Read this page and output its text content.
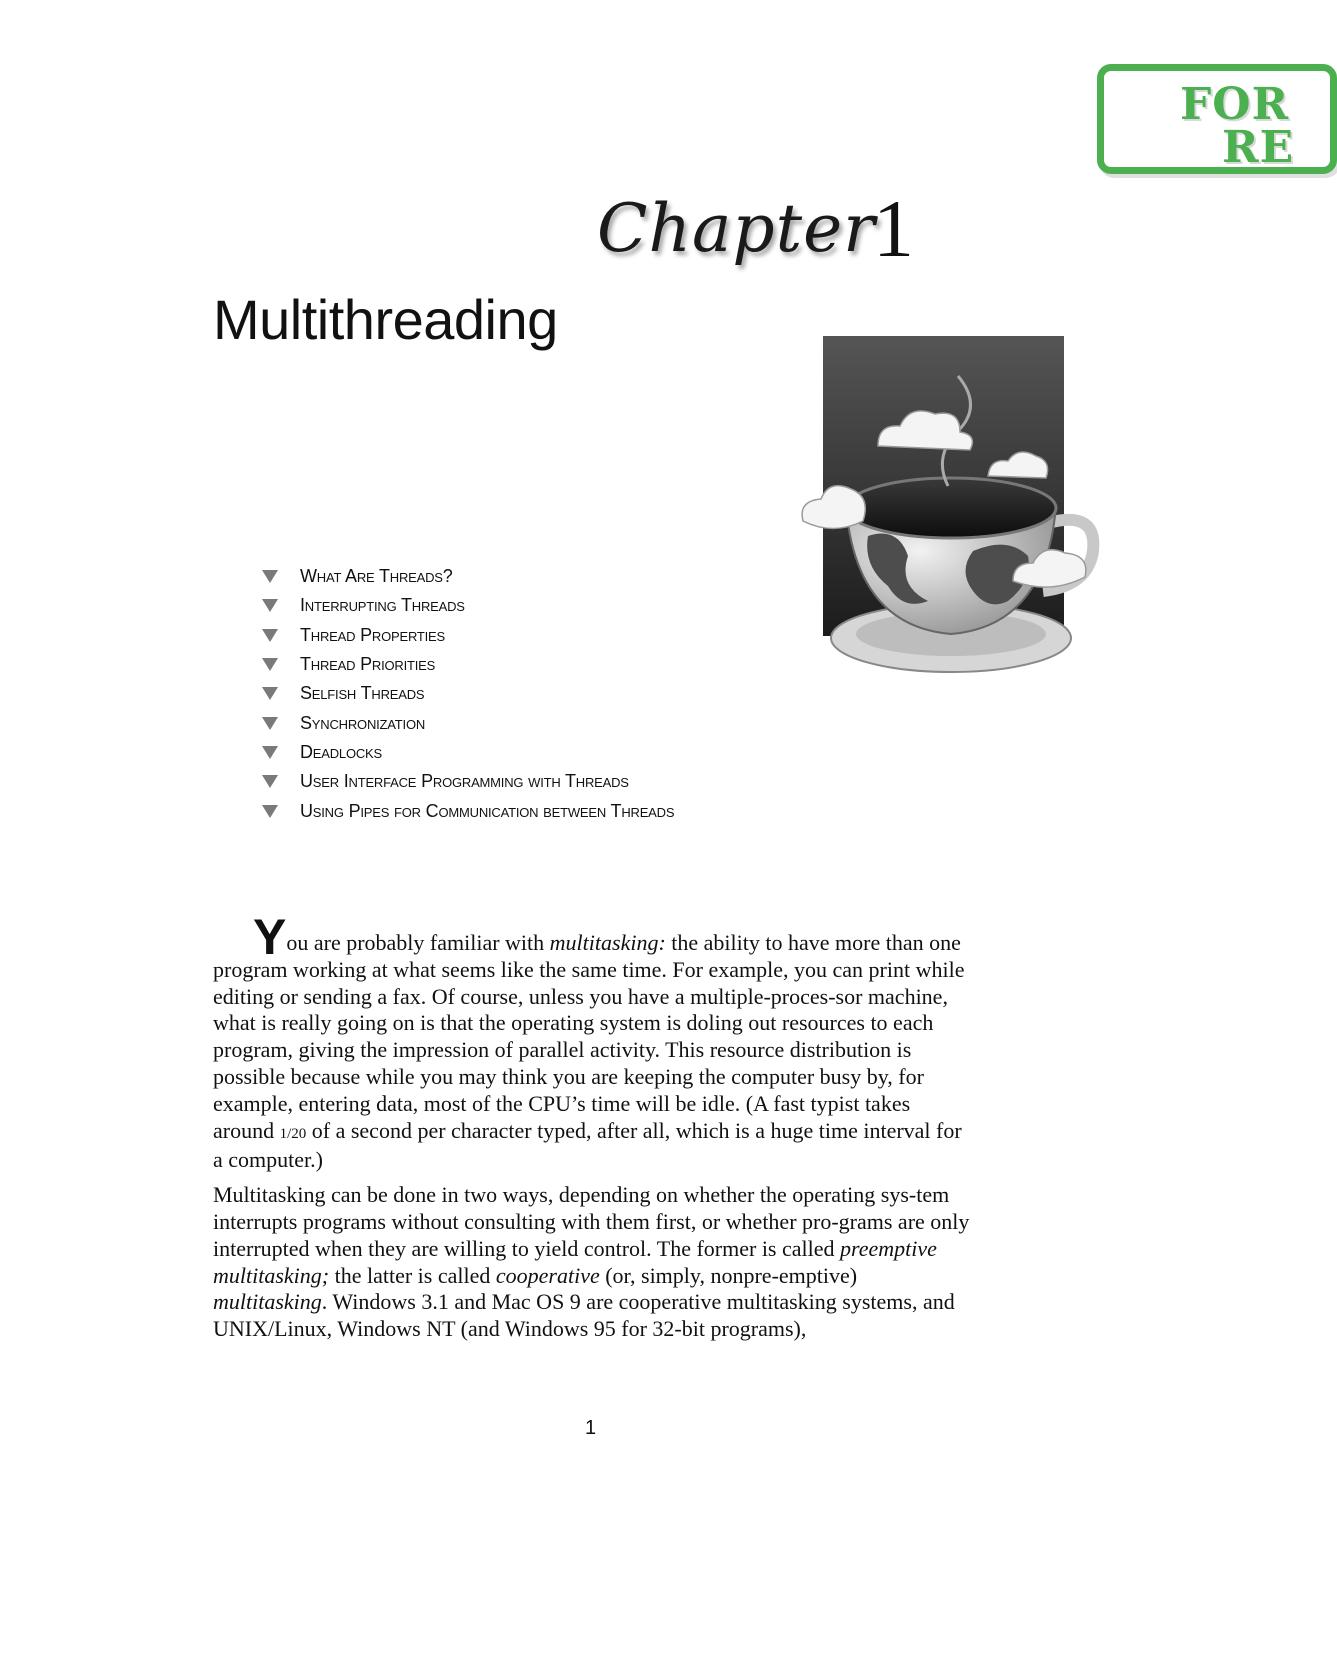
FOR
RE
Chapter
1
Multithreading
What Are Threads?
Interrupting Threads
Thread Properties
Thread Priorities
Selfish Threads
Synchronization
Deadlocks
User Interface Programming with Threads
Using Pipes for Communication between Threads

You are probably familiar with multitasking: the ability to have more than one program working at what seems like the same time. For example, you can print while editing or sending a fax. Of course, unless you have a multiple-proces-sor machine, what is really going on is that the operating system is doling out resources to each program, giving the impression of parallel activity. This resource distribution is possible because while you may think you are keeping the computer busy by, for example, entering data, most of the CPU’s time will be idle. (A fast typist takes around 1/20 of a second per character typed, after all, which is a huge time interval for a computer.)

Multitasking can be done in two ways, depending on whether the operating sys-tem interrupts programs without consulting with them first, or whether pro-grams are only interrupted when they are willing to yield control. The former is called preemptive multitasking; the latter is called cooperative (or, simply, nonpre-emptive) multitasking. Windows 3.1 and Mac OS 9 are cooperative multitasking systems, and UNIX/Linux, Windows NT (and Windows 95 for 32-bit programs),

1
